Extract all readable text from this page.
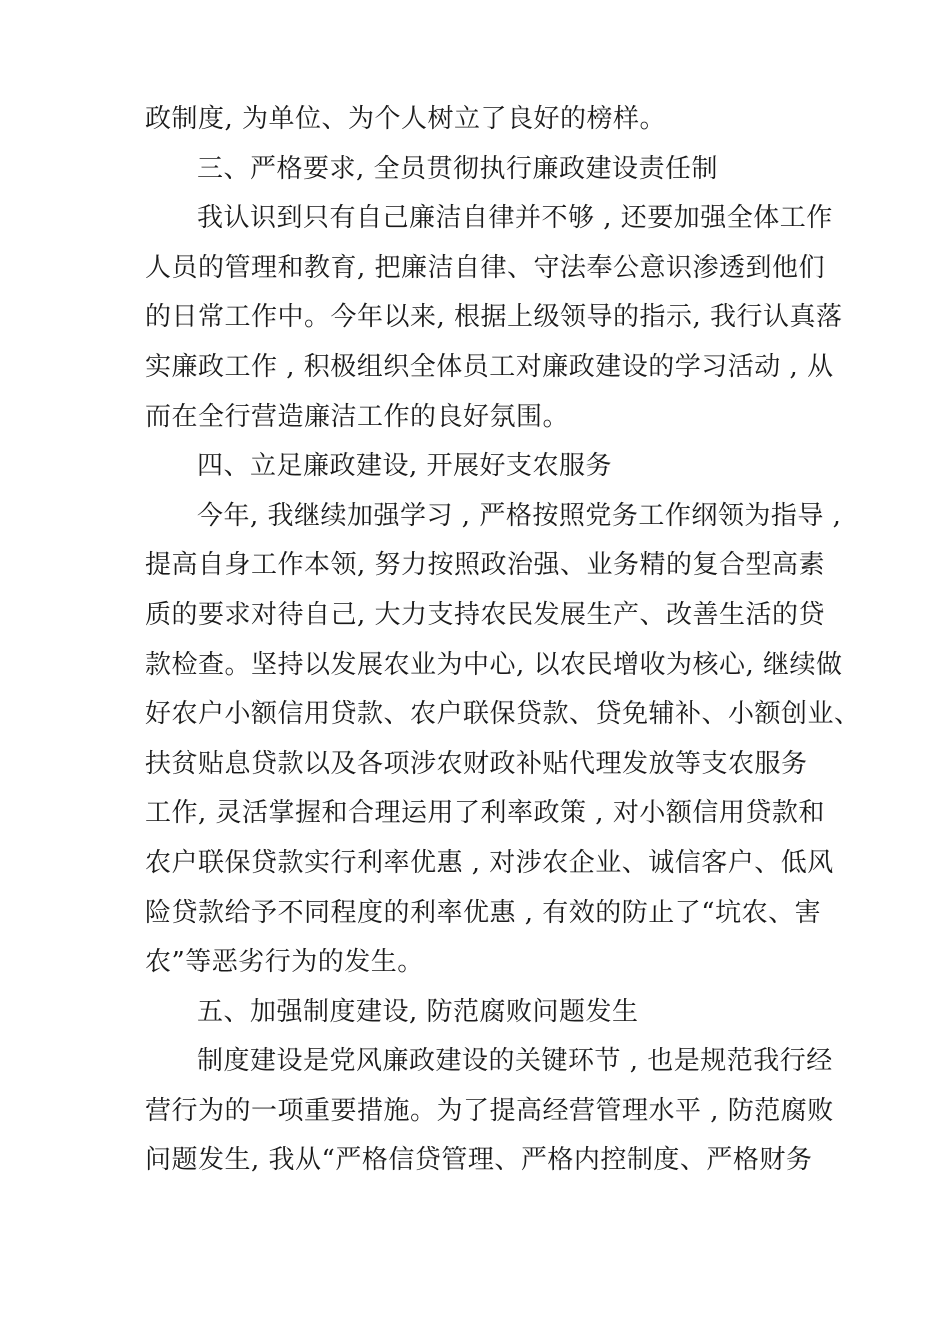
政制度, 为单位、为个人树立了良好的榜样。
三、严格要求, 全员贯彻执行廉政建设责任制
我认识到只有自己廉洁自律并不够 , 还要加强全体工作
人员的管理和教育, 把廉洁自律、守法奉公意识渗透到他们
的日常工作中。今年以来, 根据上级领导的指示, 我行认真落
实廉政工作 , 积极组织全体员工对廉政建设的学习活动 , 从
而在全行营造廉洁工作的良好氛围。
四、立足廉政建设, 开展好支农服务
今年, 我继续加强学习 , 严格按照党务工作纲领为指导 ,
提高自身工作本领, 努力按照政治强、业务精的复合型高素
质的要求对待自己, 大力支持农民发展生产、改善生活的贷
款检查。坚持以发展农业为中心, 以农民增收为核心, 继续做
好农户小额信用贷款、农户联保贷款、贷免辅补、小额创业、
扶贫贴息贷款以及各项涉农财政补贴代理发放等支农服务
工作, 灵活掌握和合理运用了利率政策 , 对小额信用贷款和
农户联保贷款实行利率优惠 , 对涉农企业、诚信客户、低风
险贷款给予不同程度的利率优惠 , 有效的防止了“坑农、害
农”等恶劣行为的发生。
五、加强制度建设, 防范腐败问题发生
制度建设是党风廉政建设的关键环节 , 也是规范我行经
营行为的一项重要措施。为了提高经营管理水平 , 防范腐败
问题发生, 我从“严格信贷管理、严格内控制度、严格财务
